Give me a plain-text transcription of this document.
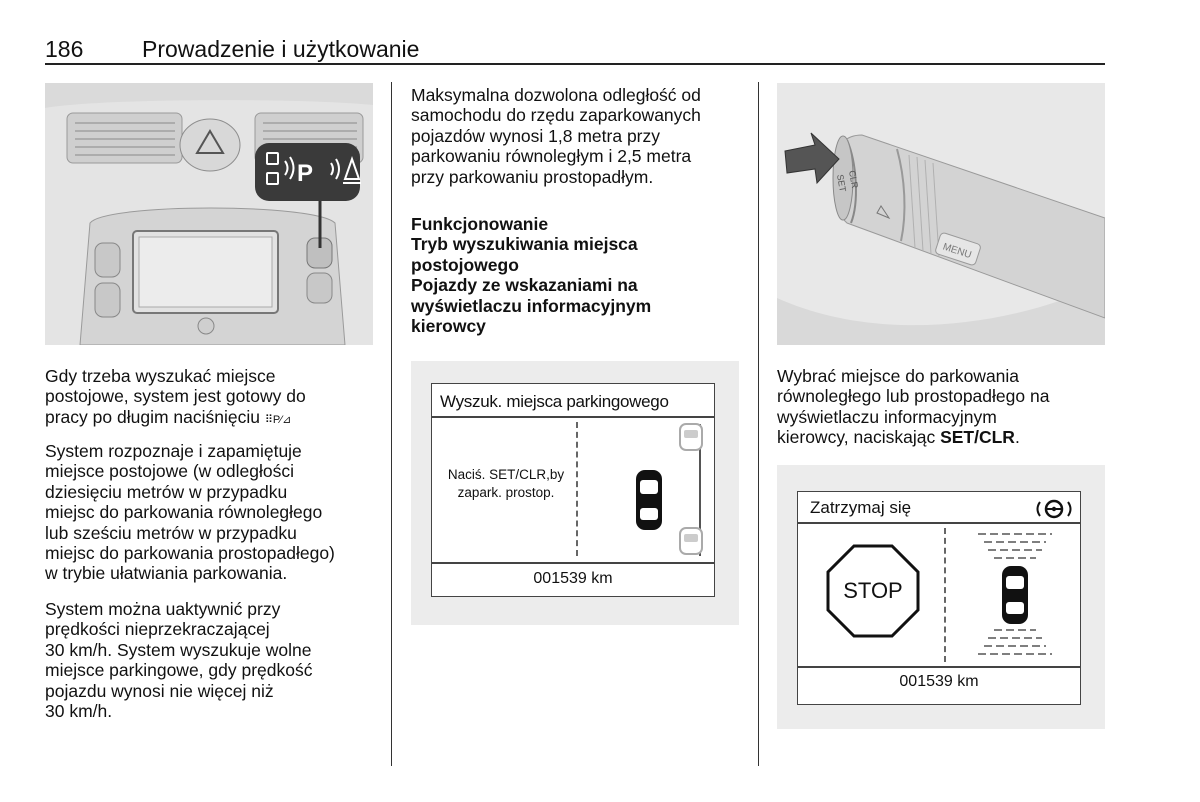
186	Prowadzenie i użytkowanie
P
Gdy trzeba wyszukać miejsce
postojowe, system jest gotowy do
pracy po długim naciśnięciu ⠿P⁄⊿
System rozpoznaje i zapamiętuje
miejsce postojowe (w odległości
dziesięciu metrów w przypadku
miejsc do parkowania równoległego
lub sześciu metrów w przypadku
miejsc do parkowania prostopadłego)
w trybie ułatwiania parkowania.
System można uaktywnić przy
prędkości nieprzekraczającej
30 km/h. System wyszukuje wolne
miejsce parkingowe, gdy prędkość
pojazdu wynosi nie więcej niż
30 km/h.
Maksymalna dozwolona odległość od
samochodu do rzędu zaparkowanych
pojazdów wynosi 1,8 metra przy
parkowaniu równoległym i 2,5 metra
przy parkowaniu prostopadłym.
Funkcjonowanie
Tryb wyszukiwania miejsca
postojowego
Pojazdy ze wskazaniami na
wyświetlaczu informacyjnym
kierowcy
Wyszuk. miejsca parkingowego
Naciś. SET/CLR,by
zapark. prostop.
001539 km
SET CLR
MENU
Wybrać miejsce do parkowania
równoległego lub prostopadłego na
wyświetlaczu informacyjnym
kierowcy, naciskając SET/CLR.
Zatrzymaj się
STOP
001539 km
